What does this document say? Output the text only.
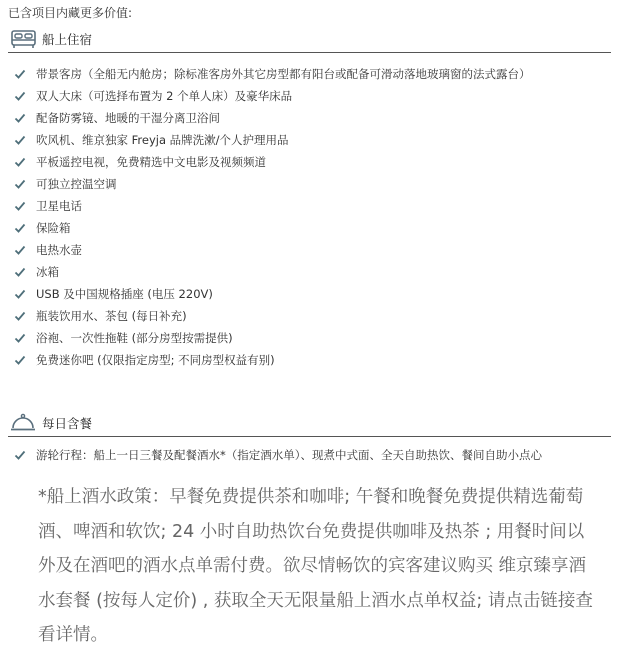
已含项目内藏更多价值:
船上住宿
带景客房（全船无内舱房；除标准客房外其它房型都有阳台或配备可滑动落地玻璃窗的法式露台）
双人大床（可选择布置为 2 个单人床）及豪华床品
配备防雾镜、地暖的干湿分离卫浴间
吹风机、维京独家 Freyja 品牌洗漱/个人护理用品
平板遥控电视，免费精选中文电影及视频频道
可独立控温空调
卫星电话
保险箱
电热水壶
冰箱
USB 及中国规格插座 (电压 220V)
瓶装饮用水、茶包 (每日补充)
浴袍、一次性拖鞋 (部分房型按需提供)
免费迷你吧 (仅限指定房型; 不同房型权益有别)
每日含餐
游轮行程：船上一日三餐及配餐酒水*（指定酒水单）、现煮中式面、全天自助热饮、餐间自助小点心

*船上酒水政策：早餐免费提供茶和咖啡; 午餐和晚餐免费提供精选葡萄酒、啤酒和软饮; 24 小时自助热饮台免费提供咖啡及热茶 ; 用餐时间以外及在酒吧的酒水点单需付费。欲尽情畅饮的宾客建议购买 维京臻享酒水套餐 (按每人定价) , 获取全天无限量船上酒水点单权益; 请点击链接查看详情。
